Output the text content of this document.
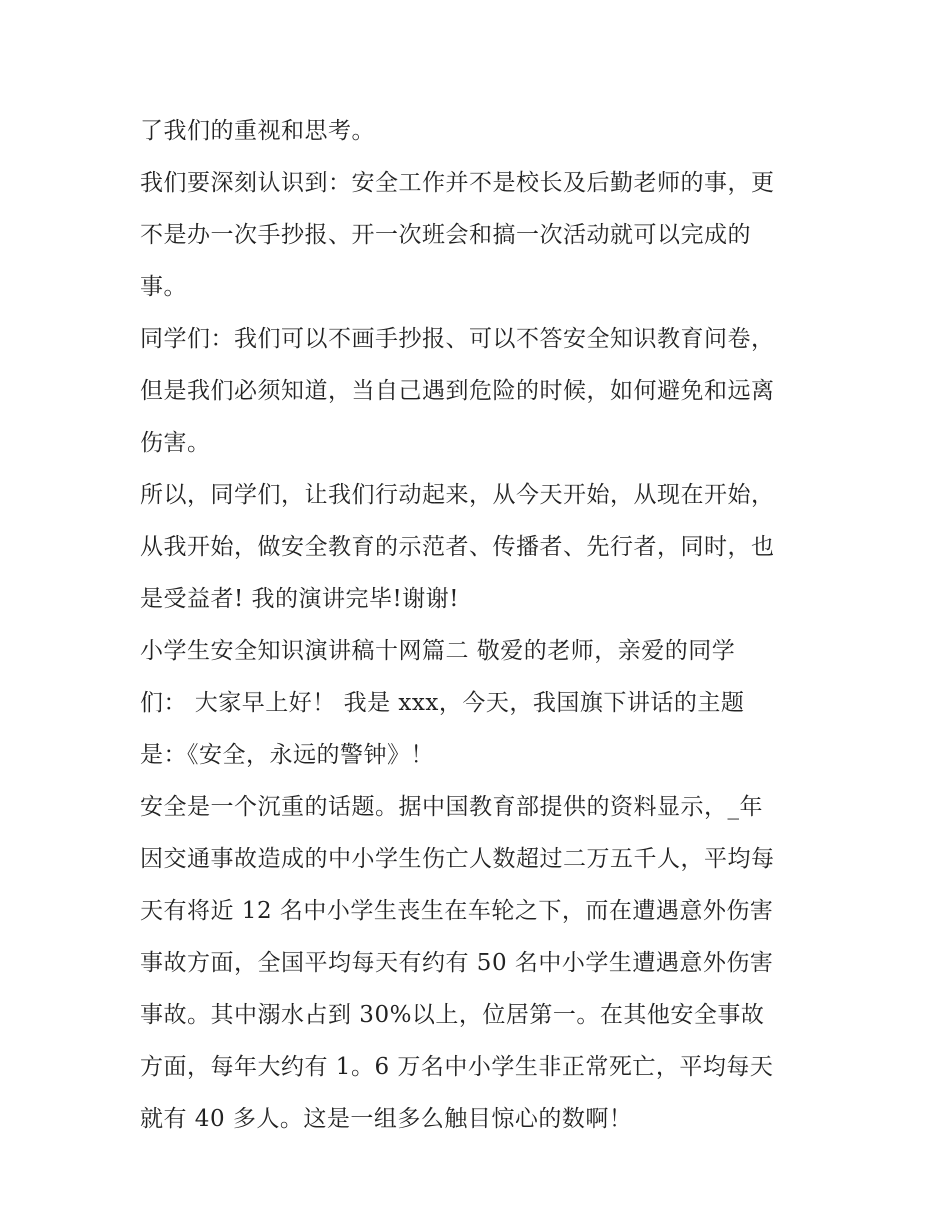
了我们的重视和思考。
我们要深刻认识到：安全工作并不是校长及后勤老师的事，更
不是办一次手抄报、开一次班会和搞一次活动就可以完成的
事。
同学们：我们可以不画手抄报、可以不答安全知识教育问卷，
但是我们必须知道，当自己遇到危险的时候，如何避免和远离
伤害。
所以，同学们，让我们行动起来，从今天开始，从现在开始，
从我开始，做安全教育的示范者、传播者、先行者，同时，也
是受益者! 我的演讲完毕!谢谢!
小学生安全知识演讲稿十网篇二 敬爱的老师，亲爱的同学
们： 大家早上好！ 我是 xxx，今天，我国旗下讲话的主题
是：《安全，永远的警钟》！
安全是一个沉重的话题。据中国教育部提供的资料显示，_年
因交通事故造成的中小学生伤亡人数超过二万五千人，平均每
天有将近 12 名中小学生丧生在车轮之下，而在遭遇意外伤害
事故方面，全国平均每天有约有 50 名中小学生遭遇意外伤害
事故。其中溺水占到 30%以上，位居第一。在其他安全事故
方面，每年大约有 1。6 万名中小学生非正常死亡，平均每天
就有 40 多人。这是一组多么触目惊心的数啊！
